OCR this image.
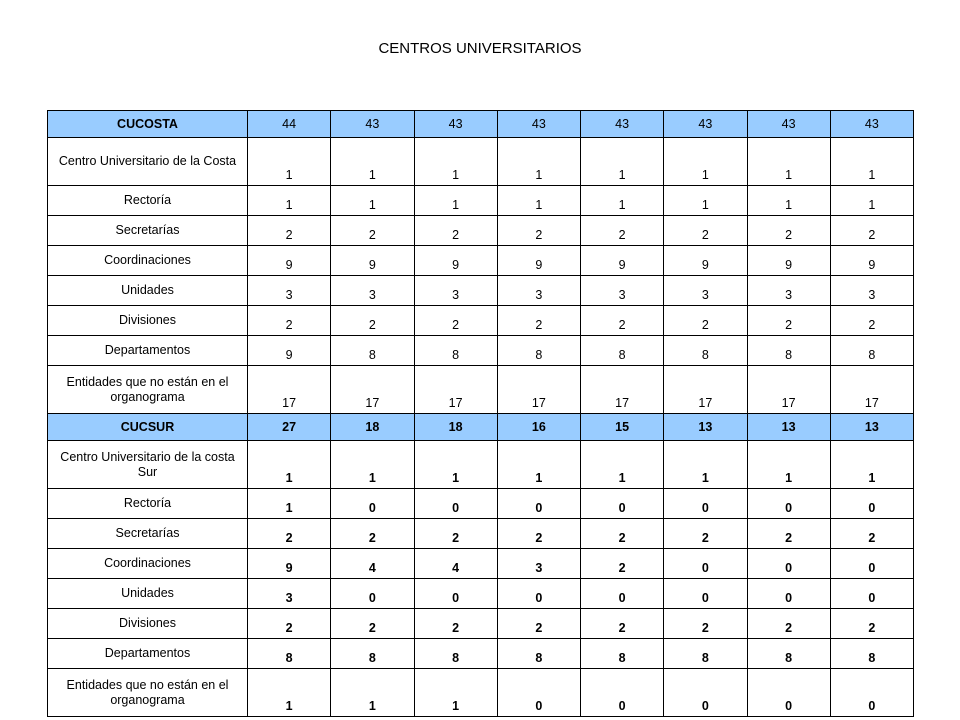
CENTROS UNIVERSITARIOS
CUCOSTA	44	43	43	43	43	43	43	43
Centro Universitario de la Costa	1	1	1	1	1	1	1	1
Rectoría	1	1	1	1	1	1	1	1
Secretarías	2	2	2	2	2	2	2	2
Coordinaciones	9	9	9	9	9	9	9	9
Unidades	3	3	3	3	3	3	3	3
Divisiones	2	2	2	2	2	2	2	2
Departamentos	9	8	8	8	8	8	8	8
Entidades que no están en el organograma	17	17	17	17	17	17	17	17
CUCSUR	27	18	18	16	15	13	13	13
Centro Universitario de la costa Sur	1	1	1	1	1	1	1	1
Rectoría	1	0	0	0	0	0	0	0
Secretarías	2	2	2	2	2	2	2	2
Coordinaciones	9	4	4	3	2	0	0	0
Unidades	3	0	0	0	0	0	0	0
Divisiones	2	2	2	2	2	2	2	2
Departamentos	8	8	8	8	8	8	8	8
Entidades que no están en el organograma	1	1	1	0	0	0	0	0
